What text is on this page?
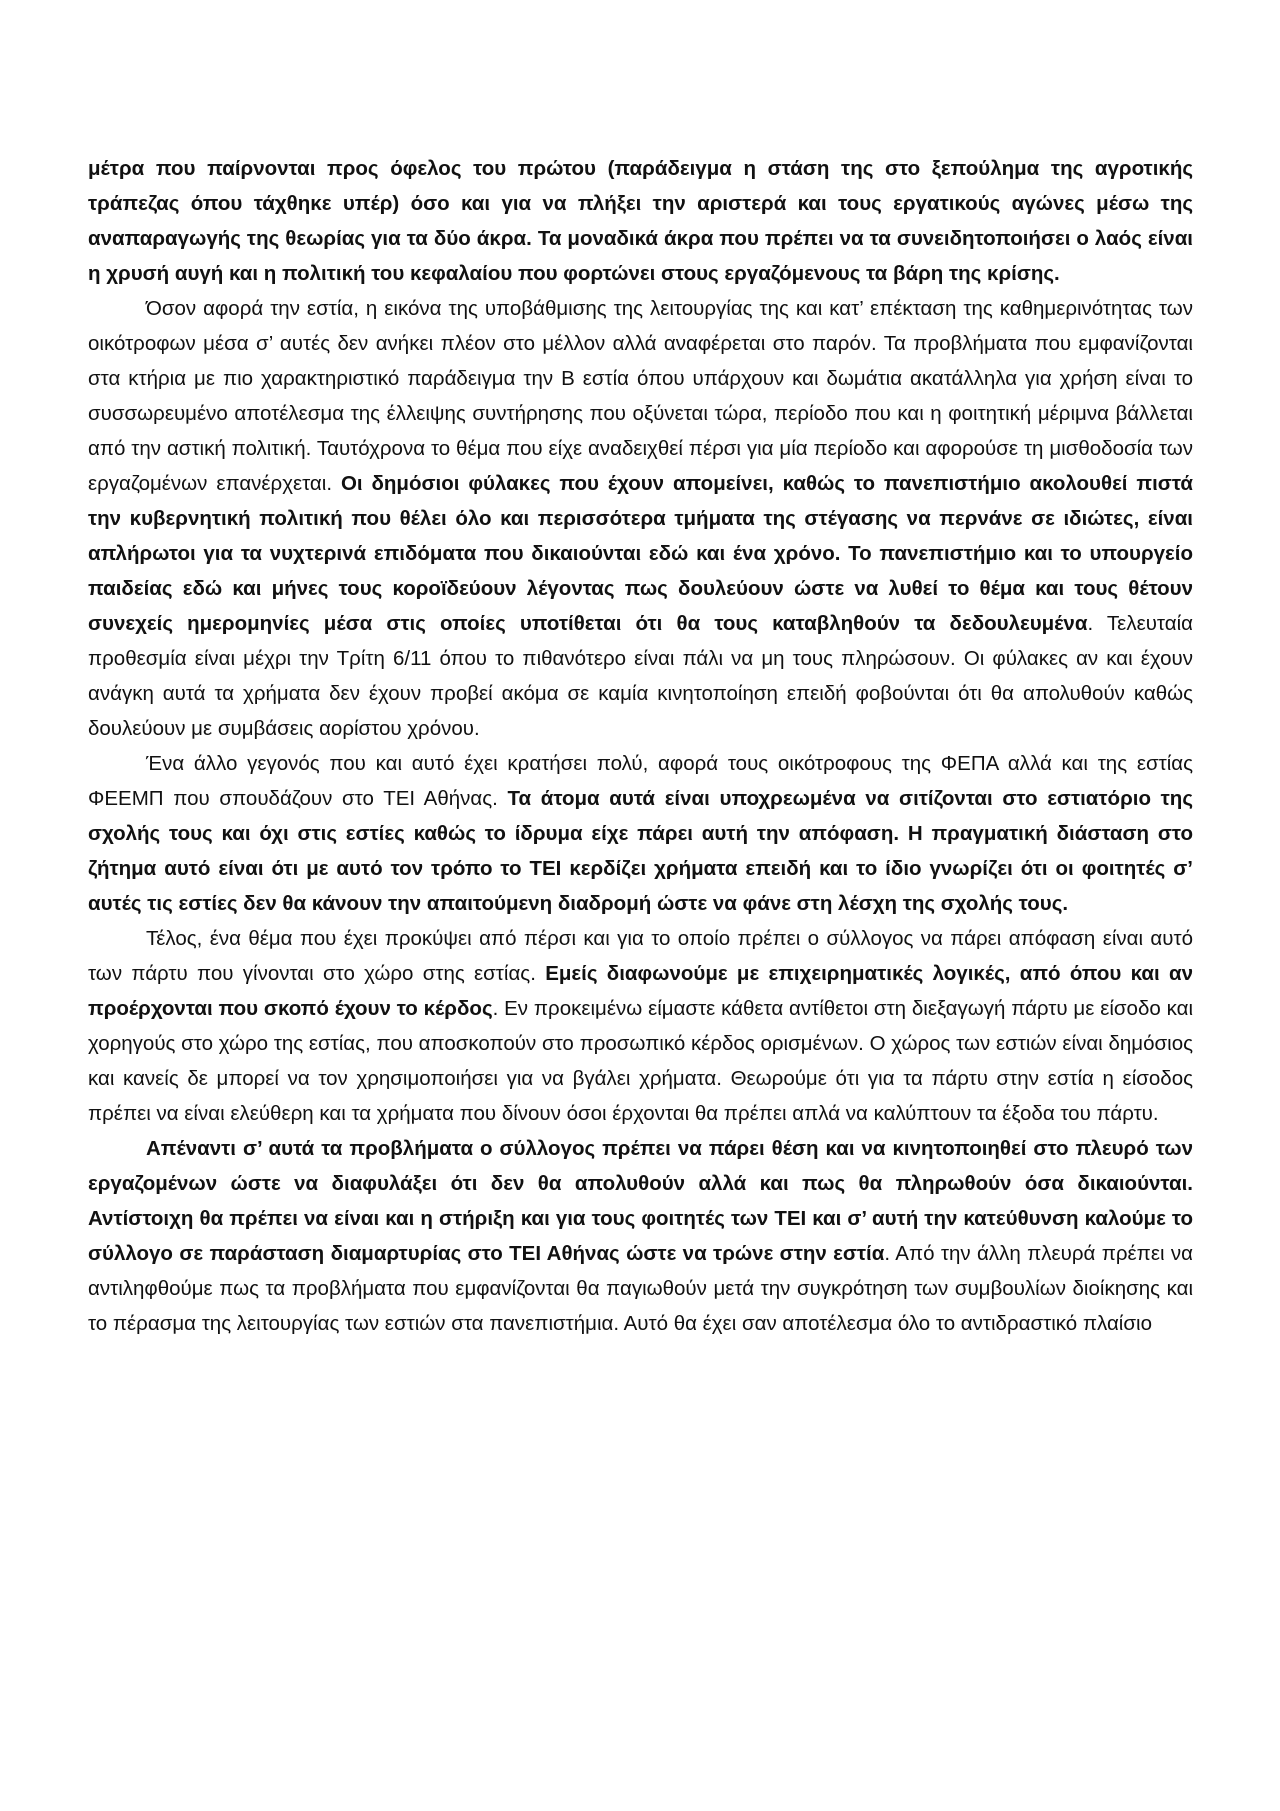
μέτρα που παίρνονται προς όφελος του πρώτου (παράδειγμα η στάση της στο ξεπούλημα της αγροτικής τράπεζας όπου τάχθηκε υπέρ) όσο και για να πλήξει την αριστερά και τους εργατικούς αγώνες μέσω της αναπαραγωγής της θεωρίας για τα δύο άκρα. Τα μοναδικά άκρα που πρέπει να τα συνειδητοποιήσει ο λαός είναι η χρυσή αυγή και η πολιτική του κεφαλαίου που φορτώνει στους εργαζόμενους τα βάρη της κρίσης.

Όσον αφορά την εστία, η εικόνα της υποβάθμισης της λειτουργίας της και κατ’ επέκταση της καθημερινότητας των οικότροφων μέσα σ’ αυτές δεν ανήκει πλέον στο μέλλον αλλά αναφέρεται στο παρόν. Τα προβλήματα που εμφανίζονται στα κτήρια με πιο χαρακτηριστικό παράδειγμα την Β εστία όπου υπάρχουν και δωμάτια ακατάλληλα για χρήση είναι το συσσωρευμένο αποτέλεσμα της έλλειψης συντήρησης που οξύνεται τώρα, περίοδο που και η φοιτητική μέριμνα βάλλεται από την αστική πολιτική. Ταυτόχρονα το θέμα που είχε αναδειχθεί πέρσι για μία περίοδο και αφορούσε τη μισθοδοσία των εργαζομένων επανέρχεται. Οι δημόσιοι φύλακες που έχουν απομείνει, καθώς το πανεπιστήμιο ακολουθεί πιστά την κυβερνητική πολιτική που θέλει όλο και περισσότερα τμήματα της στέγασης να περνάνε σε ιδιώτες, είναι απλήρωτοι για τα νυχτερινά επιδόματα που δικαιούνται εδώ και ένα χρόνο. Το πανεπιστήμιο και το υπουργείο παιδείας εδώ και μήνες τους κοροϊδεύουν λέγοντας πως δουλεύουν ώστε να λυθεί το θέμα και τους θέτουν συνεχείς ημερομηνίες μέσα στις οποίες υποτίθεται ότι θα τους καταβληθούν τα δεδουλευμένα. Τελευταία προθεσμία είναι μέχρι την Τρίτη 6/11 όπου το πιθανότερο είναι πάλι να μη τους πληρώσουν. Οι φύλακες αν και έχουν ανάγκη αυτά τα χρήματα δεν έχουν προβεί ακόμα σε καμία κινητοποίηση επειδή φοβούνται ότι θα απολυθούν καθώς δουλεύουν με συμβάσεις αορίστου χρόνου.

Ένα άλλο γεγονός που και αυτό έχει κρατήσει πολύ, αφορά τους οικότροφους της ΦΕΠΑ αλλά και της εστίας ΦΕΕΜΠ που σπουδάζουν στο ΤΕΙ Αθήνας. Τα άτομα αυτά είναι υποχρεωμένα να σιτίζονται στο εστιατόριο της σχολής τους και όχι στις εστίες καθώς το ίδρυμα είχε πάρει αυτή την απόφαση. Η πραγματική διάσταση στο ζήτημα αυτό είναι ότι με αυτό τον τρόπο το ΤΕΙ κερδίζει χρήματα επειδή και το ίδιο γνωρίζει ότι οι φοιτητές σ’ αυτές τις εστίες δεν θα κάνουν την απαιτούμενη διαδρομή ώστε να φάνε στη λέσχη της σχολής τους.

Τέλος, ένα θέμα που έχει προκύψει από πέρσι και για το οποίο πρέπει ο σύλλογος να πάρει απόφαση είναι αυτό των πάρτυ που γίνονται στο χώρο στης εστίας. Εμείς διαφωνούμε με επιχειρηματικές λογικές, από όπου και αν προέρχονται που σκοπό έχουν το κέρδος. Εν προκειμένω είμαστε κάθετα αντίθετοι στη διεξαγωγή πάρτυ με είσοδο και χορηγούς στο χώρο της εστίας, που αποσκοπούν στο προσωπικό κέρδος ορισμένων. Ο χώρος των εστιών είναι δημόσιος και κανείς δε μπορεί να τον χρησιμοποιήσει για να βγάλει χρήματα. Θεωρούμε ότι για τα πάρτυ στην εστία η είσοδος πρέπει να είναι ελεύθερη και τα χρήματα που δίνουν όσοι έρχονται θα πρέπει απλά να καλύπτουν τα έξοδα του πάρτυ.

Απέναντι σ’ αυτά τα προβλήματα ο σύλλογος πρέπει να πάρει θέση και να κινητοποιηθεί στο πλευρό των εργαζομένων ώστε να διαφυλάξει ότι δεν θα απολυθούν αλλά και πως θα πληρωθούν όσα δικαιούνται. Αντίστοιχη θα πρέπει να είναι και η στήριξη και για τους φοιτητές των ΤΕΙ και σ’ αυτή την κατεύθυνση καλούμε το σύλλογο σε παράσταση διαμαρτυρίας στο ΤΕΙ Αθήνας ώστε να τρώνε στην εστία. Από την άλλη πλευρά πρέπει να αντιληφθούμε πως τα προβλήματα που εμφανίζονται θα παγιωθούν μετά την συγκρότηση των συμβουλίων διοίκησης και το πέρασμα της λειτουργίας των εστιών στα πανεπιστήμια. Αυτό θα έχει σαν αποτέλεσμα όλο το αντιδραστικό πλαίσιο
